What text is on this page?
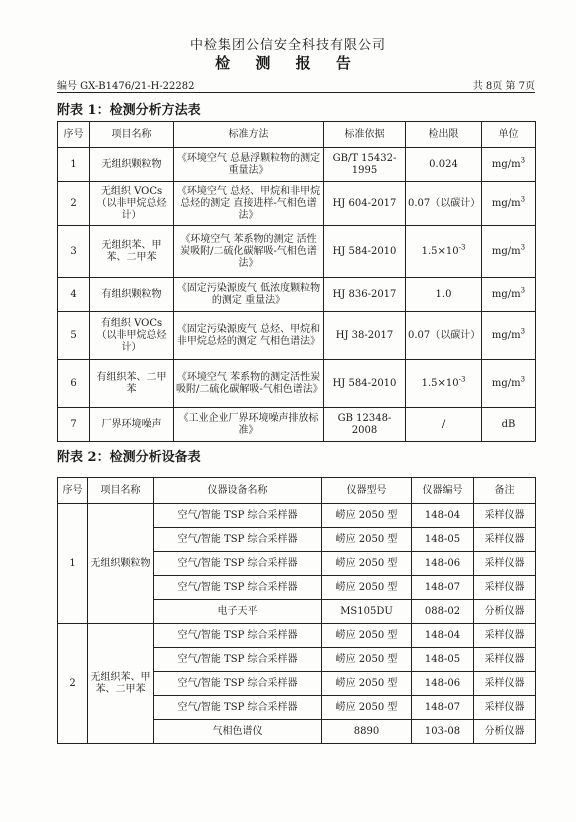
中检集团公信安全科技有限公司
检 测 报 告
编号 GX-B1476/21-H-22282	共 8页 第 7页
附表 1：检测分析方法表
序号	项目名称	标准方法	标准依据	检出限	单位
1	无组织颗粒物	《环境空气 总悬浮颗粒物的测定 重量法》	GB/T 15432-1995	0.024	$mg/m^3$
2	无组织 VOCs（以非甲烷总烃计）	《环境空气 总烃、甲烷和非甲烷总烃的测定 直接进样-气相色谱法》	HJ 604-2017	0.07（以碳计）	$mg/m^3$
3	无组织苯、甲苯、二甲苯	《环境空气 苯系物的测定 活性炭吸附/二硫化碳解吸-气相色谱法》	HJ 584-2010	$1.5\times 10^{-3}$	$mg/m^3$
4	有组织颗粒物	《固定污染源废气 低浓度颗粒物的测定 重量法》	HJ 836-2017	1.0	$mg/m^3$
5	有组织 VOCs（以非甲烷总烃计）	《固定污染源废气 总烃、甲烷和非甲烷总烃的测定 气相色谱法》	HJ 38-2017	0.07（以碳计）	$mg/m^3$
6	有组织苯、二甲苯	《环境空气 苯系物的测定活性炭吸附/二硫化碳解吸-气相色谱法》	HJ 584-2010	$1.5\times 10^{-3}$	$mg/m^3$
7	厂界环境噪声	《工业企业厂界环境噪声排放标准》	GB 12348-2008	/	dB
附表 2：检测分析设备表
序号	项目名称	仪器设备名称	仪器型号	仪器编号	备注
1	无组织颗粒物	空气/智能 TSP 综合采样器	崂应 2050 型	148-04	采样仪器
		空气/智能 TSP 综合采样器	崂应 2050 型	148-05	采样仪器
		空气/智能 TSP 综合采样器	崂应 2050 型	148-06	采样仪器
		空气/智能 TSP 综合采样器	崂应 2050 型	148-07	采样仪器
		电子天平	MS105DU	088-02	分析仪器
2	无组织苯、甲苯、二甲苯	空气/智能 TSP 综合采样器	崂应 2050 型	148-04	采样仪器
		空气/智能 TSP 综合采样器	崂应 2050 型	148-05	采样仪器
		空气/智能 TSP 综合采样器	崂应 2050 型	148-06	采样仪器
		空气/智能 TSP 综合采样器	崂应 2050 型	148-07	采样仪器
		气相色谱仪	8890	103-08	分析仪器
